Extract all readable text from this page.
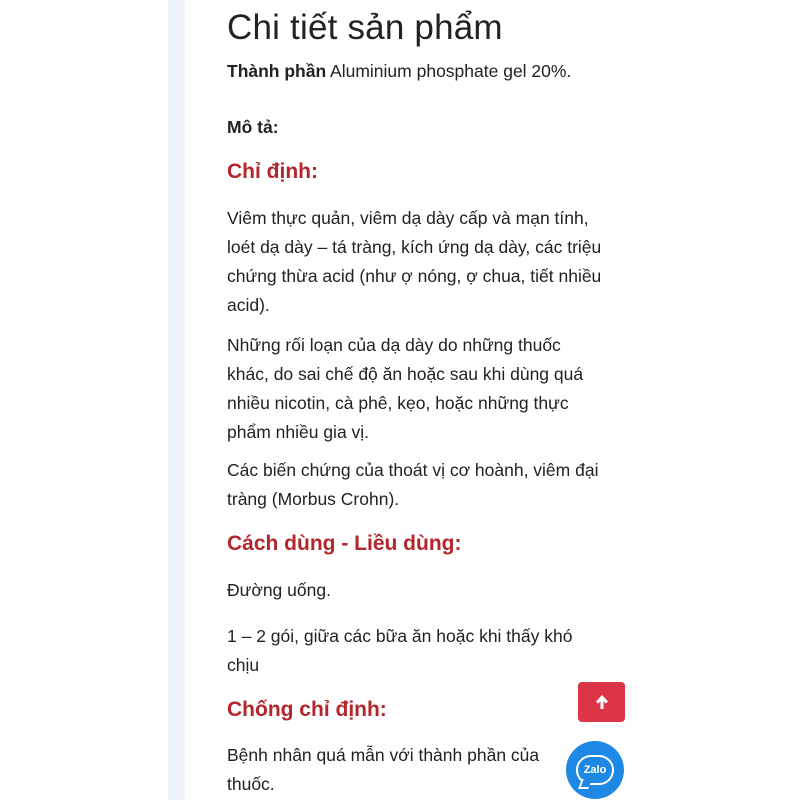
Chi tiết sản phẩm
Thành phần Aluminium phosphate gel 20%.
Mô tả:
Chỉ định:

Viêm thực quản, viêm dạ dày cấp và mạn tính, loét dạ dày – tá tràng, kích ứng dạ dày, các triệu chứng thừa acid (như ợ nóng, ợ chua, tiết nhiều acid).

Những rối loạn của dạ dày do những thuốc khác, do sai chế độ ăn hoặc sau khi dùng quá nhiều nicotin, cà phê, kẹo, hoặc những thực phẩm nhiều gia vị.

Các biến chứng của thoát vị cơ hoành, viêm đại tràng (Morbus Crohn).

Cách dùng - Liều dùng:

Đường uống.

1 – 2 gói, giữa các bữa ăn hoặc khi thấy khó chịu

Chống chỉ định:

Bệnh nhân quá mẫn với thành phần của thuốc.

Zalo
